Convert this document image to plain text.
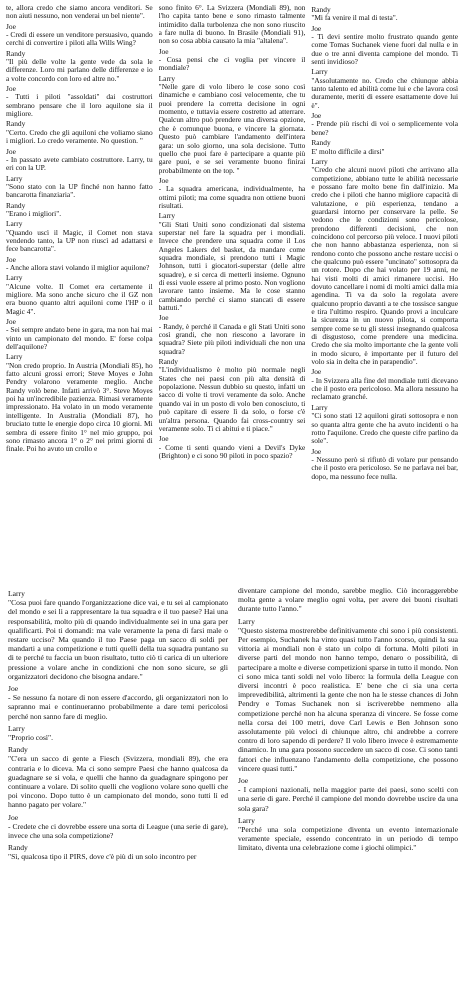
te, allora credo che siamo ancora venditori. Se non aiuti nessuno, non venderai un bel niente".
Joe
- Credi di essere un venditore persuasivo, quando cerchi di convertire i piloti alla Wills Wing?
Randy
"Il più delle volte la gente vede da sola le differenze. Loro mi parlano delle differenze e io a volte concordo con loro ed altre no."
Joe
- Tutti i piloti "assoldati" dai costruttori sembrano pensare che il loro aquilone sia il migliore.
Randy
"Certo. Credo che gli aquiloni che voliamo siano i migliori. Lo credo veramente. No question. "
Joe
- In passato avete cambiato costruttore. Larry, tu eri con la UP.
Larry
"Sono stato con la UP finché non hanno fatto bancarotta finanziaria".
Randy
"Erano i migliori".
Larry
"Quando uscì il Magic, il Comet non stava vendendo tanto, la UP non riuscì ad adattarsi e fece bancarotta".
Joe
- Anche allora stavi volando il miglior aquilone?
Larry
"Alcune volte. Il Comet era certamente il migliore. Ma sono anche sicuro che il GZ non era buono quanto altri aquiloni come l'HP o il Magic 4".
Joe
- Sei sempre andato bene in gara, ma non hai mai vinto un campionato del mondo. E' forse colpa dell'aquilone?
Larry
"Non credo proprio. In Austria (Mondiali 85), ho fatto alcuni grossi errori; Steve Moyes e John Pendry volarono veramente meglio. Anche Randy volò bene. Infatti arrivò 3°. Steve Moyes poi ha un'incredibile pazienza. Rimasi veramente impressionato. Ha volato in un modo veramente intelligente. In Australia (Mondiali 87), ho bruciato tutte le energie dopo circa 10 giorni. Mi sembra di essere finito 1° nel mio gruppo, poi sono rimasto ancora 1° o 2° nei primi giorni di finale. Poi ho avuto un crollo e
sono finito 6°. La Svizzera (Mondiali 89), non l'ho capita tanto bene e sono rimasto talmente intimidito dalla turbolenza che non sono riuscito a fare nulla di buono. In Brasile (Mondiali 91), non so cosa abbia causato la mia "altalena".
Joe
- Cosa pensi che ci voglia per vincere il mondiale?
Larry
"Nelle gare di volo libero le cose sono così dinamiche e cambiano così velocemente, che tu puoi prendere la corretta decisione in ogni momento, e tuttavia essere costretto ad atterrare. Qualcun altro può prendere una diversa opzione, che è comunque buona, e vincere la giornata. Questo può cambiare l'andamento dell'intera gara: un solo giorno, una sola decisione. Tutto quello che puoi fare è partecipare a quante più gare puoi, e se sei veramente buono finirai probabilmente on the top. "
Joe
- La squadra americana, individualmente, ha ottimi piloti; ma come squadra non ottiene buoni risultati.
Larry
"Gli Stati Uniti sono condizionati dal sistema superstar nel fare la squadra per i mondiali. Invece che prendere una squadra come il Los Angeles Lakers del basket, da mandare come squadra mondiale, si prendono tutti i Magic Johnson, tutti i giocatori-superstar (delle altre squadre), e si cerca di metterli insieme. Ognuno di essi vuole essere al primo posto. Non vogliono lavorare tanto insieme. Ma le cose stanno cambiando perché ci siamo stancati di essere battuti."
Joe
- Randy, è perché il Canada e gli Stati Uniti sono così grandi, che non riescono a lavorare in squadra? Siete più piloti individuali che non una squadra?
Randy
"L'individualismo è molto più normale negli States che nei paesi con più alta densità di popolazione. Nessun dubbio su questo, infatti un sacco di volte ti trovi veramente da solo. Anche quando vai in un posto di volo ben conosciuto, ti può capitare di essere lì da solo, o forse c'è un'altra persona. Quando fai cross-country sei veramente solo. Ti ci abitui e ti piace."
Joe
- Come ti senti quando vieni a Devil's Dyke (Brighton) e ci sono 90 piloti in poco spazio?
Randy
"Mi fa venire il mal di testa".
Joe
- Ti devi sentire molto frustrato quando gente come Tomas Suchanek viene fuori dal nulla e in due o tre anni diventa campione del mondo. Ti senti invidioso?
Larry
"Assolutamente no. Credo che chiunque abbia tanto talento ed abilità come lui e che lavora così duramente, meriti di essere esattamente dove lui è".
Joe
- Prende più rischi di voi o semplicemente vola bene?
Randy
E' molto difficile a dirsi"
Larry
"Credo che alcuni nuovi piloti che arrivano alla competizione, abbiano tutte le abilità necessarie e possano fare molto bene fin dall'inizio. Ma credo che i piloti che hanno migliore capacità di valutazione, e più esperienza, tendano a guardarsi intorno per conservare la pelle. Se vedono che le condizioni sono pericolose, prendono differenti decisioni, che non coincidono col percorso più veloce. I nuovi piloti che non hanno abbastanza esperienza, non si rendono conto che possono anche restare uccisi o che qualcuno può essere "uncinato" sottosopra da un rotore. Dopo che hai volato per 19 anni, ne hai visti molti di amici rimanere uccisi. Ho dovuto cancellare i nomi di molti amici dalla mia agendina. Ti va da solo la regolata avere qualcuno proprio davanti a te che tossisce sangue e tira l'ultimo respiro. Quando provi a inculcare la sicurezza in un nuovo pilota, si comporta sempre come se tu gli stessi insegnando qualcosa di disgustoso, come prendere una medicina. Credo che sia molto importante che la gente voli in modo sicuro, è importante per il futuro del volo sia in delta che in parapendio".
Joe
- In Svizzera alla fine del mondiale tutti dicevano che il posto era pericoloso. Ma allora nessuno ha reclamato granché.
Larry
"Ci sono stati 12 aquiloni girati sottosopra e non so quanta altra gente che ha avuto incidenti o ha rotto l'aquilone. Credo che queste cifre parlino da sole".
Joe
- Nessuno però si rifiutò di volare pur pensando che il posto era pericoloso. Se ne parlava nei bar, dopo, ma nessuno fece nulla.
Larry
"Cosa puoi fare quando l'organizzazione dice vai, e tu sei al campionato del mondo e sei lì a rappresentare la tua squadra e il tuo paese? Hai una responsabilità, molto più di quando individualmente sei in una gara per qualificarti. Poi ti domandi: ma vale veramente la pena di farsi male o restare ucciso? Ma quando il tuo Paese paga un sacco di soldi per mandarti a una competizione e tutti quelli della tua squadra puntano su di te perché tu faccia un buon risultato, tutto ciò ti carica di un ulteriore pressione a volare anche in condizioni che non sono sicure, se gli organizzatori decidono che bisogna andare."
Joe
- Se nessuno fa notare di non essere d'accordo, gli organizzatori non lo sapranno mai e continueranno probabilmente a dare temi pericolosi perché non sanno fare di meglio.
Larry
"Proprio così".
Randy
"C'era un sacco di gente a Fiesch (Svizzera, mondiali 89), che era contraria e lo diceva. Ma ci sono sempre Paesi che hanno qualcosa da guadagnare se si vola, e quelli che hanno da guadagnare spingono per continuare a volare. Di solito quelli che vogliono volare sono quelli che poi vincono. Dopo tutto è un campionato del mondo, sono tutti lì ed hanno pagato per volare."
Joe
- Credete che ci dovrebbe essere una sorta di League (una serie di gare), invece che una sola competizione?
Randy
"Sì, qualcosa tipo il PIRS, dove c'è più di un solo incontro per
diventare campione del mondo, sarebbe meglio. Ciò incoraggerebbe molta gente a volare meglio ogni volta, per avere dei buoni risultati durante tutto l'anno."
Larry
"Questo sistema mostrerebbe definitivamente chi sono i più consistenti. Per esempio, Suchanek ha vinto quasi tutto l'anno scorso, quindi la sua vittoria ai mondiali non è stato un colpo di fortuna. Molti piloti in diverse parti del mondo non hanno tempo, denaro o possibilità, di partecipare a molte e diverse competizioni sparse in tutto il mondo. Non ci sono mica tanti soldi nel volo libero: la formula della League con diversi incontri è poco realistica. E' bene che ci sia una certa imprevedibilità, altrimenti la gente che non ha le stesse chances di John Pendry e Tomas Suchanek non si iscriverebbe nemmeno alla competizione perché non ha alcuna speranza di vincere. Se fosse come nella corsa dei 100 metri, dove Carl Lewis e Ben Johnson sono assolutamente più veloci di chiunque altro, chi andrebbe a correre contro di loro sapendo di perdere? Il volo libero invece è estremamente dinamico. In una gara possono succedere un sacco di cose. Ci sono tanti fattori che influenzano l'andamento della competizione, che possono vincere quasi tutti."
Joe
- I campioni nazionali, nella maggior parte dei paesi, sono scelti con una serie di gare. Perché il campione del mondo dovrebbe uscire da una sola gara?
Larry
"Perché una sola competizione diventa un evento internazionale veramente speciale, essendo concentrato in un periodo di tempo limitato, diventa una celebrazione come i giochi olimpici."
